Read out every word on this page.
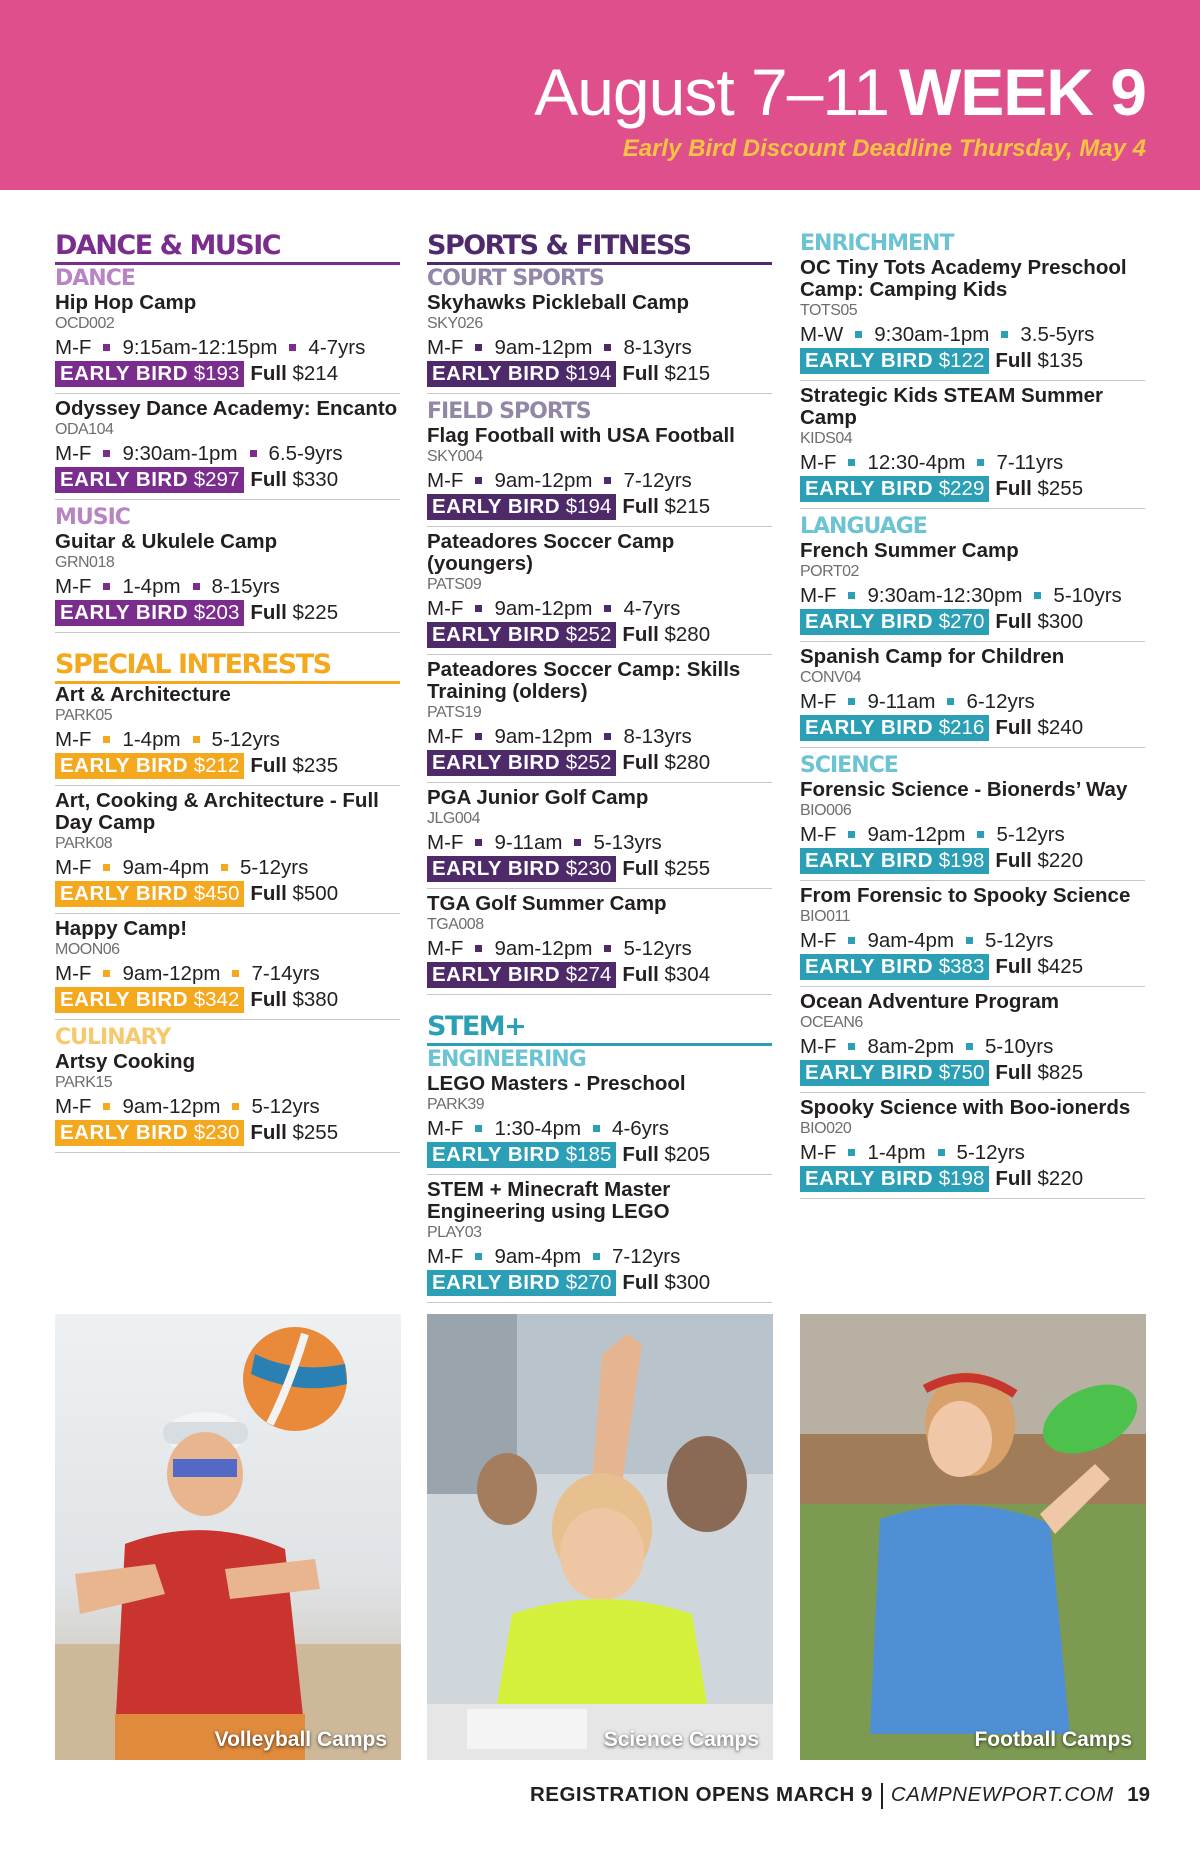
August 7–11 WEEK 9
Early Bird Discount Deadline Thursday, May 4
DANCE & MUSIC
DANCE
Hip Hop Camp
OCD002
M-F 9:15am-12:15pm 4-7yrs
EARLY BIRD $193 Full $214
Odyssey Dance Academy: Encanto
ODA104
M-F 9:30am-1pm 6.5-9yrs
EARLY BIRD $297 Full $330
MUSIC
Guitar & Ukulele Camp
GRN018
M-F 1-4pm 8-15yrs
EARLY BIRD $203 Full $225
SPECIAL INTERESTS
Art & Architecture
PARK05
M-F 1-4pm 5-12yrs
EARLY BIRD $212 Full $235
Art, Cooking & Architecture - Full Day Camp
PARK08
M-F 9am-4pm 5-12yrs
EARLY BIRD $450 Full $500
Happy Camp!
MOON06
M-F 9am-12pm 7-14yrs
EARLY BIRD $342 Full $380
CULINARY
Artsy Cooking
PARK15
M-F 9am-12pm 5-12yrs
EARLY BIRD $230 Full $255
SPORTS & FITNESS
COURT SPORTS
Skyhawks Pickleball Camp
SKY026
M-F 9am-12pm 8-13yrs
EARLY BIRD $194 Full $215
FIELD SPORTS
Flag Football with USA Football
SKY004
M-F 9am-12pm 7-12yrs
EARLY BIRD $194 Full $215
Pateadores Soccer Camp (youngers)
PATS09
M-F 9am-12pm 4-7yrs
EARLY BIRD $252 Full $280
Pateadores Soccer Camp: Skills Training (olders)
PATS19
M-F 9am-12pm 8-13yrs
EARLY BIRD $252 Full $280
PGA Junior Golf Camp
JLG004
M-F 9-11am 5-13yrs
EARLY BIRD $230 Full $255
TGA Golf Summer Camp
TGA008
M-F 9am-12pm 5-12yrs
EARLY BIRD $274 Full $304
STEM+
ENGINEERING
LEGO Masters - Preschool
PARK39
M-F 1:30-4pm 4-6yrs
EARLY BIRD $185 Full $205
STEM + Minecraft Master Engineering using LEGO
PLAY03
M-F 9am-4pm 7-12yrs
EARLY BIRD $270 Full $300
ENRICHMENT
OC Tiny Tots Academy Preschool Camp: Camping Kids
TOTS05
M-W 9:30am-1pm 3.5-5yrs
EARLY BIRD $122 Full $135
Strategic Kids STEAM Summer Camp
KIDS04
M-F 12:30-4pm 7-11yrs
EARLY BIRD $229 Full $255
LANGUAGE
French Summer Camp
PORT02
M-F 9:30am-12:30pm 5-10yrs
EARLY BIRD $270 Full $300
Spanish Camp for Children
CONV04
M-F 9-11am 6-12yrs
EARLY BIRD $216 Full $240
SCIENCE
Forensic Science - Bionerds’ Way
BIO006
M-F 9am-12pm 5-12yrs
EARLY BIRD $198 Full $220
From Forensic to Spooky Science
BIO011
M-F 9am-4pm 5-12yrs
EARLY BIRD $383 Full $425
Ocean Adventure Program
OCEAN6
M-F 8am-2pm 5-10yrs
EARLY BIRD $750 Full $825
Spooky Science with Boo-ionerds
BIO020
M-F 1-4pm 5-12yrs
EARLY BIRD $198 Full $220
Volleyball Camps	Science Camps	Football Camps
REGISTRATION OPENS MARCH 9 CAMPNEWPORT.COM 19
